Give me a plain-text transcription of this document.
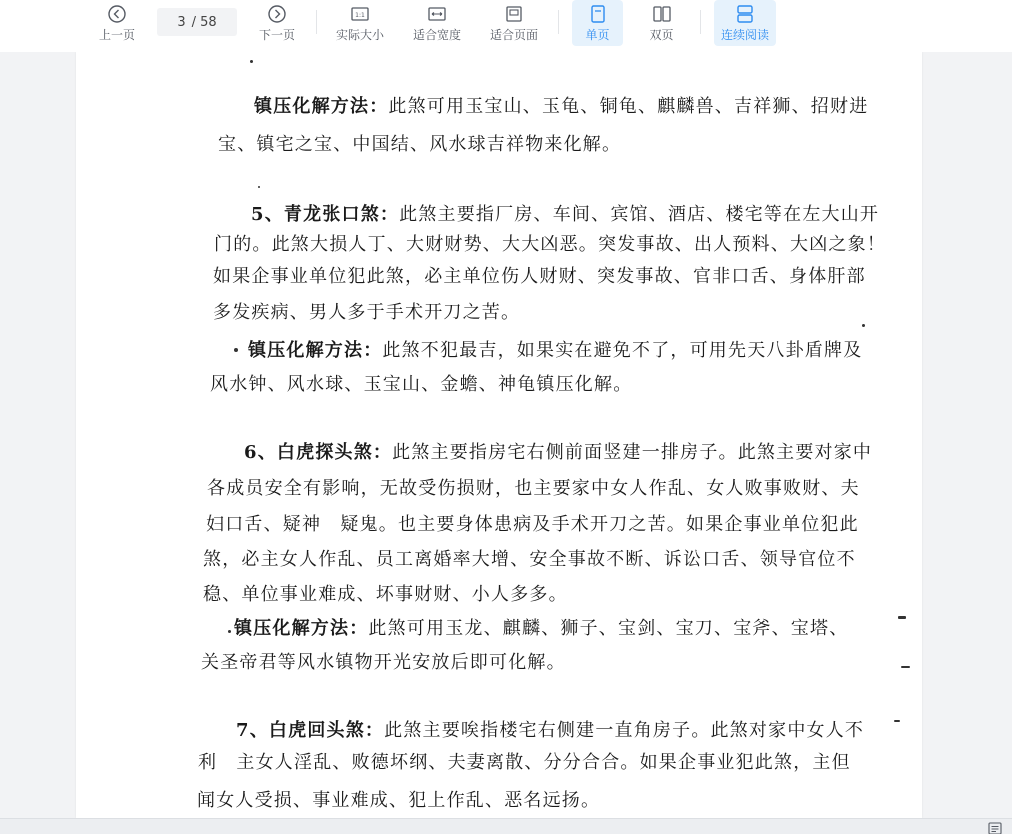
上一页
3 / 58
下一页
1:1
实际大小 适合宽度 适合页面	单页	双页	连续阅读
镇压化解方法：此煞可用玉宝山、玉龟、铜龟、麒麟兽、吉祥狮、招财进
宝、镇宅之宝、中国结、风水球吉祥物来化解。
5、青龙张口煞：此煞主要指厂房、车间、宾馆、酒店、楼宅等在左大山开
门的。此煞大损人丁、大财财势、大大凶恶。突发事故、出人预料、大凶之象！
如果企事业单位犯此煞，必主单位伤人财财、突发事故、官非口舌、身体肝部
多发疾病、男人多于手术开刀之苦。
镇压化解方法：此煞不犯最吉，如果实在避免不了，可用先天八卦盾牌及
风水钟、风水球、玉宝山、金蟾、神龟镇压化解。
6、白虎探头煞：此煞主要指房宅右侧前面竖建一排房子。此煞主要对家中
各成员安全有影响，无故受伤损财，也主要家中女人作乱、女人败事败财、夫
妇口舌、疑神　疑鬼。也主要身体患病及手术开刀之苦。如果企事业单位犯此
煞，必主女人作乱、员工离婚率大增、安全事故不断、诉讼口舌、领导官位不
稳、单位事业难成、坏事财财、小人多多。
镇压化解方法：此煞可用玉龙、麒麟、狮子、宝剑、宝刀、宝斧、宝塔、
关圣帝君等风水镇物开光安放后即可化解。
7、白虎回头煞：此煞主要唉指楼宅右侧建一直角房子。此煞对家中女人不
利　主女人淫乱、败德坏纲、夫妻离散、分分合合。如果企事业犯此煞，主但
闻女人受损、事业难成、犯上作乱、恶名远扬。
